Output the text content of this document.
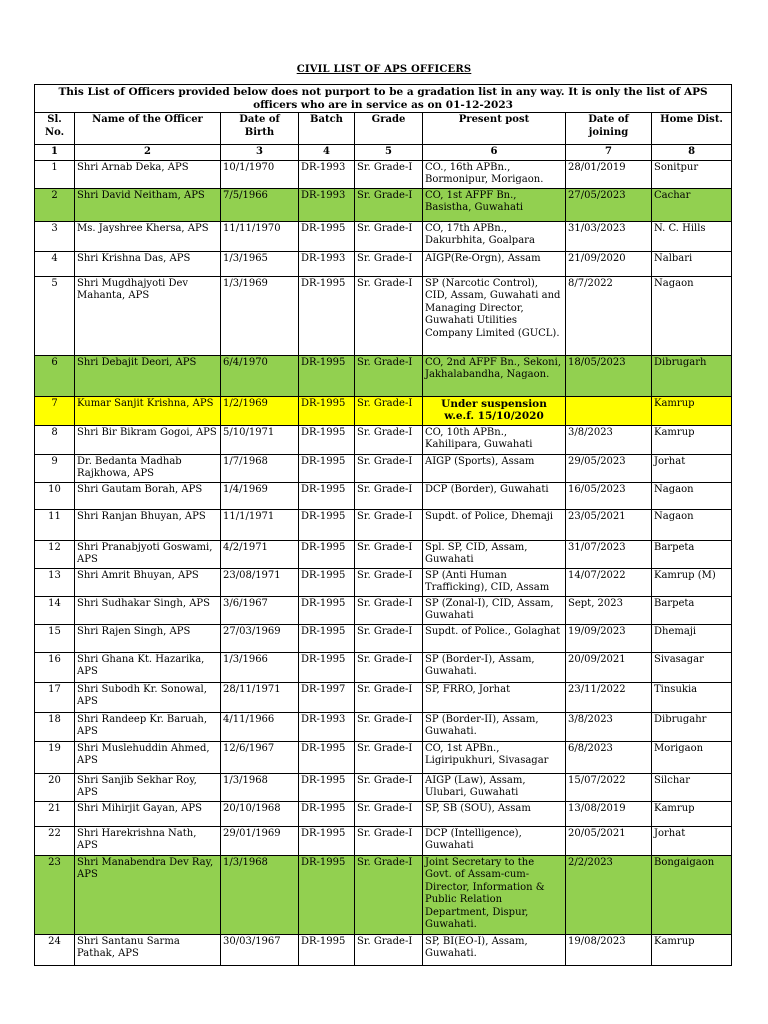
CIVIL LIST OF APS OFFICERS
This List of Officers provided below does not purport to be a gradation list in any way. It is only the list of APS officers who are in service as on 01-12-2023							
Sl. No.	Name of the Officer	Date of Birth	Batch	Grade	Present post	Date of joining	Home Dist.
1	2	3	4	5	6	7	8
1	Shri Arnab Deka, APS	10/1/1970	DR-1993	Sr. Grade-I	CO., 16th APBn., Bormonipur, Morigaon.	28/01/2019	Sonitpur
2	Shri David Neitham, APS	7/5/1966	DR-1993	Sr. Grade-I	CO, 1st AFPF Bn., Basistha, Guwahati	27/05/2023	Cachar
3	Ms. Jayshree Khersa, APS	11/11/1970	DR-1995	Sr. Grade-I	CO, 17th APBn., Dakurbhita, Goalpara	31/03/2023	N. C. Hills
4	Shri Krishna Das, APS	1/3/1965	DR-1993	Sr. Grade-I	AIGP(Re-Orgn), Assam	21/09/2020	Nalbari
5	Shri Mugdhajyoti Dev Mahanta, APS	1/3/1969	DR-1995	Sr. Grade-I	SP (Narcotic Control), CID, Assam, Guwahati and Managing Director, Guwahati Utilities Company Limited (GUCL).	8/7/2022	Nagaon
6	Shri Debajit Deori, APS	6/4/1970	DR-1995	Sr. Grade-I	CO, 2nd AFPF Bn., Sekoni, Jakhalabandha, Nagaon.	18/05/2023	Dibrugarh
7	Kumar Sanjit Krishna, APS	1/2/1969	DR-1995	Sr. Grade-I	Under suspension w.e.f. 15/10/2020		Kamrup
8	Shri Bir Bikram Gogoi, APS	5/10/1971	DR-1995	Sr. Grade-I	CO, 10th APBn., Kahilipara, Guwahati	3/8/2023	Kamrup
9	Dr. Bedanta Madhab Rajkhowa, APS	1/7/1968	DR-1995	Sr. Grade-I	AIGP (Sports), Assam	29/05/2023	Jorhat
10	Shri Gautam Borah, APS	1/4/1969	DR-1995	Sr. Grade-I	DCP (Border), Guwahati	16/05/2023	Nagaon
11	Shri Ranjan Bhuyan, APS	11/1/1971	DR-1995	Sr. Grade-I	Supdt. of Police, Dhemaji	23/05/2021	Nagaon
12	Shri Pranabjyoti Goswami, APS	4/2/1971	DR-1995	Sr. Grade-I	Spl. SP, CID, Assam, Guwahati	31/07/2023	Barpeta
13	Shri Amrit Bhuyan, APS	23/08/1971	DR-1995	Sr. Grade-I	SP (Anti Human Trafficking), CID, Assam	14/07/2022	Kamrup (M)
14	Shri Sudhakar Singh, APS	3/6/1967	DR-1995	Sr. Grade-I	SP (Zonal-I), CID, Assam, Guwahati	Sept, 2023	Barpeta
15	Shri Rajen Singh, APS	27/03/1969	DR-1995	Sr. Grade-I	Supdt. of Police., Golaghat	19/09/2023	Dhemaji
16	Shri Ghana Kt. Hazarika, APS	1/3/1966	DR-1995	Sr. Grade-I	SP (Border-I), Assam, Guwahati.	20/09/2021	Sivasagar
17	Shri Subodh Kr. Sonowal, APS	28/11/1971	DR-1997	Sr. Grade-I	SP, FRRO, Jorhat	23/11/2022	Tinsukia
18	Shri Randeep Kr. Baruah, APS	4/11/1966	DR-1993	Sr. Grade-I	SP (Border-II), Assam, Guwahati.	3/8/2023	Dibrugahr
19	Shri Muslehuddin Ahmed, APS	12/6/1967	DR-1995	Sr. Grade-I	CO, 1st APBn., Ligiripukhuri, Sivasagar	6/8/2023	Morigaon
20	Shri Sanjib Sekhar Roy, APS	1/3/1968	DR-1995	Sr. Grade-I	AIGP (Law), Assam, Ulubari, Guwahati	15/07/2022	Silchar
21	Shri Mihirjit Gayan, APS	20/10/1968	DR-1995	Sr. Grade-I	SP, SB (SOU), Assam	13/08/2019	Kamrup
22	Shri Harekrishna Nath, APS	29/01/1969	DR-1995	Sr. Grade-I	DCP (Intelligence), Guwahati	20/05/2021	Jorhat
23	Shri Manabendra Dev Ray, APS	1/3/1968	DR-1995	Sr. Grade-I	Joint Secretary to the Govt. of Assam-cum-Director, Information & Public Relation Department, Dispur, Guwahati.	2/2/2023	Bongaigaon
24	Shri Santanu Sarma Pathak, APS	30/03/1967	DR-1995	Sr. Grade-I	SP, BI(EO-I), Assam, Guwahati.	19/08/2023	Kamrup
